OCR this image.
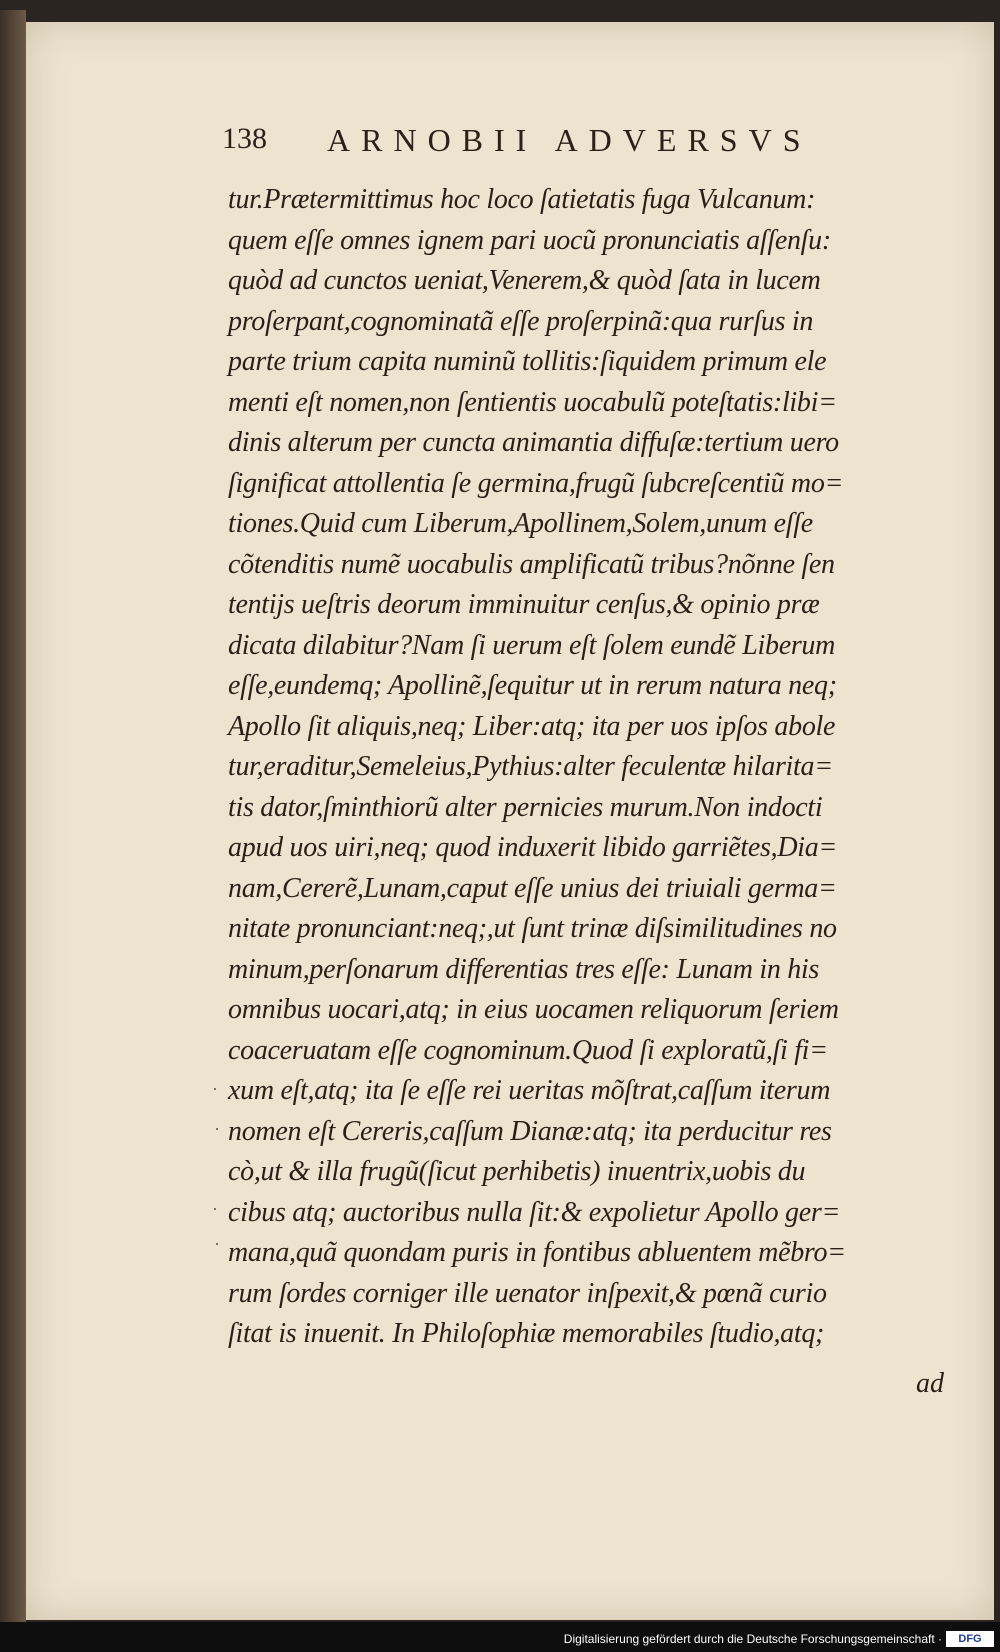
138 ARNOBII ADVERSVS
tur.Prætermittimus hoc loco ſatietatis fuga Vulcanum:
quem eſſe omnes ignem pari uocũ pronunciatis aſſenſu:
quòd ad cunctos ueniat,Venerem,& quòd ſata in lucem
proſerpant,cognominatã eſſe proſerpinã:qua rurſus in
parte trium capita numinũ tollitis:ſiquidem primum ele
menti eſt nomen,non ſentientis uocabulũ poteſtatis:libi=
dinis alterum per cuncta animantia diffuſæ:tertium uero
ſignificat attollentia ſe germina,frugũ ſubcreſcentiũ mo=
tiones.Quid cum Liberum,Apollinem,Solem,unum eſſe
cõtenditis numẽ uocabulis amplificatũ tribus?nõnne ſen
tentijs ueſtris deorum imminuitur cenſus,& opinio præ
dicata dilabitur?Nam ſi uerum eſt ſolem eundẽ Liberum
eſſe,eundemq; Apollinẽ,ſequitur ut in rerum natura neq;
Apollo ſit aliquis,neq; Liber:atq; ita per uos ipſos abole
tur,eraditur,Semeleius,Pythius:alter feculentæ hilarita=
tis dator,ſminthiorũ alter pernicies murum.Non indocti
apud uos uiri,neq; quod induxerit libido garriẽtes,Dia=
nam,Cererẽ,Lunam,caput eſſe unius dei triuiali germa=
nitate pronunciant:neq;,ut ſunt trinæ diſsimilitudines no
minum,perſonarum differentias tres eſſe: Lunam in his
omnibus uocari,atq; in eius uocamen reliquorum ſeriem
coaceruatam eſſe cognominum.Quod ſi exploratũ,ſi fi=
xum eſt,atq; ita ſe eſſe rei ueritas mõſtrat,caſſum iterum
nomen eſt Cereris,caſſum Dianæ:atq; ita perducitur res
cò,ut & illa frugũ(ſicut perhibetis) inuentrix,uobis du
cibus atq; auctoribus nulla ſit:& expolietur Apollo ger=
mana,quã quondam puris in fontibus abluentem mẽbro=
rum ſordes corniger ille uenator inſpexit,& pœnã curio
ſitat is inuenit. In Philoſophiæ memorabiles ſtudio,atq;
·
·
·
·
ad
Digitalisierung gefördert durch die Deutsche Forschungsgemeinschaft ·	DFG
